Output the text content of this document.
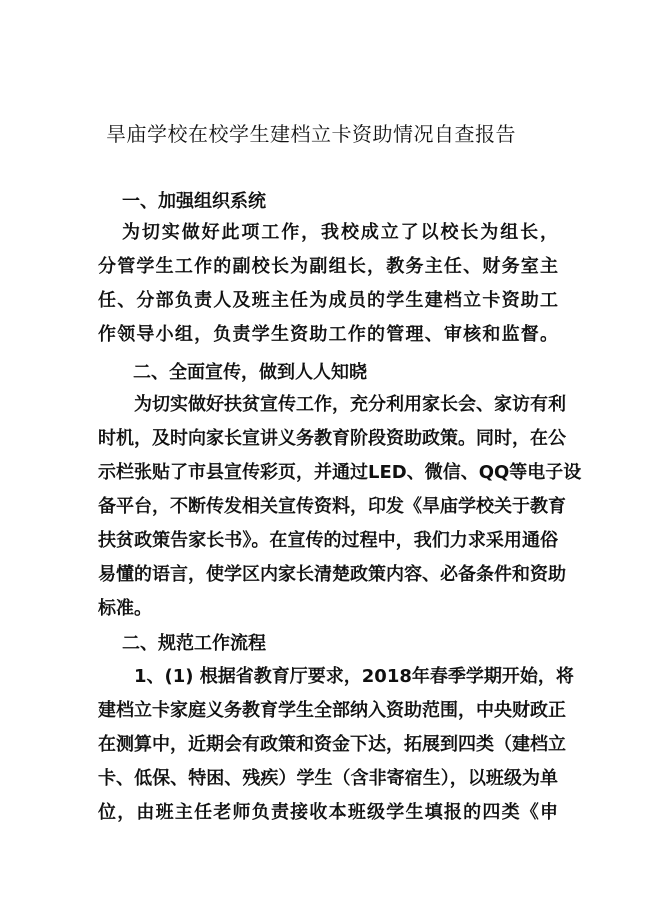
旱庙学校在校学生建档立卡资助情况自查报告
一、加强组织系统
为切实做好此项工作，我校成立了以校长为组长，
分管学生工作的副校长为副组长，教务主任、财务室主
任、分部负责人及班主任为成员的学生建档立卡资助工
作领导小组，负责学生资助工作的管理、审核和监督。
二、全面宣传，做到人人知晓
为切实做好扶贫宣传工作，充分利用家长会、家访有利
时机，及时向家长宣讲义务教育阶段资助政策。同时，在公
示栏张贴了市县宣传彩页，并通过LED、微信、QQ等电子设
备平台，不断传发相关宣传资料，印发《旱庙学校关于教育
扶贫政策告家长书》。在宣传的过程中，我们力求采用通俗
易懂的语言，使学区内家长清楚政策内容、必备条件和资助
标准。
二、规范工作流程
1、(1) 根据省教育厅要求，2018年春季学期开始，将
建档立卡家庭义务教育学生全部纳入资助范围，中央财政正
在测算中，近期会有政策和资金下达，拓展到四类（建档立
卡、低保、特困、残疾）学生（含非寄宿生），以班级为单
位，由班主任老师负责接收本班级学生填报的四类《申
